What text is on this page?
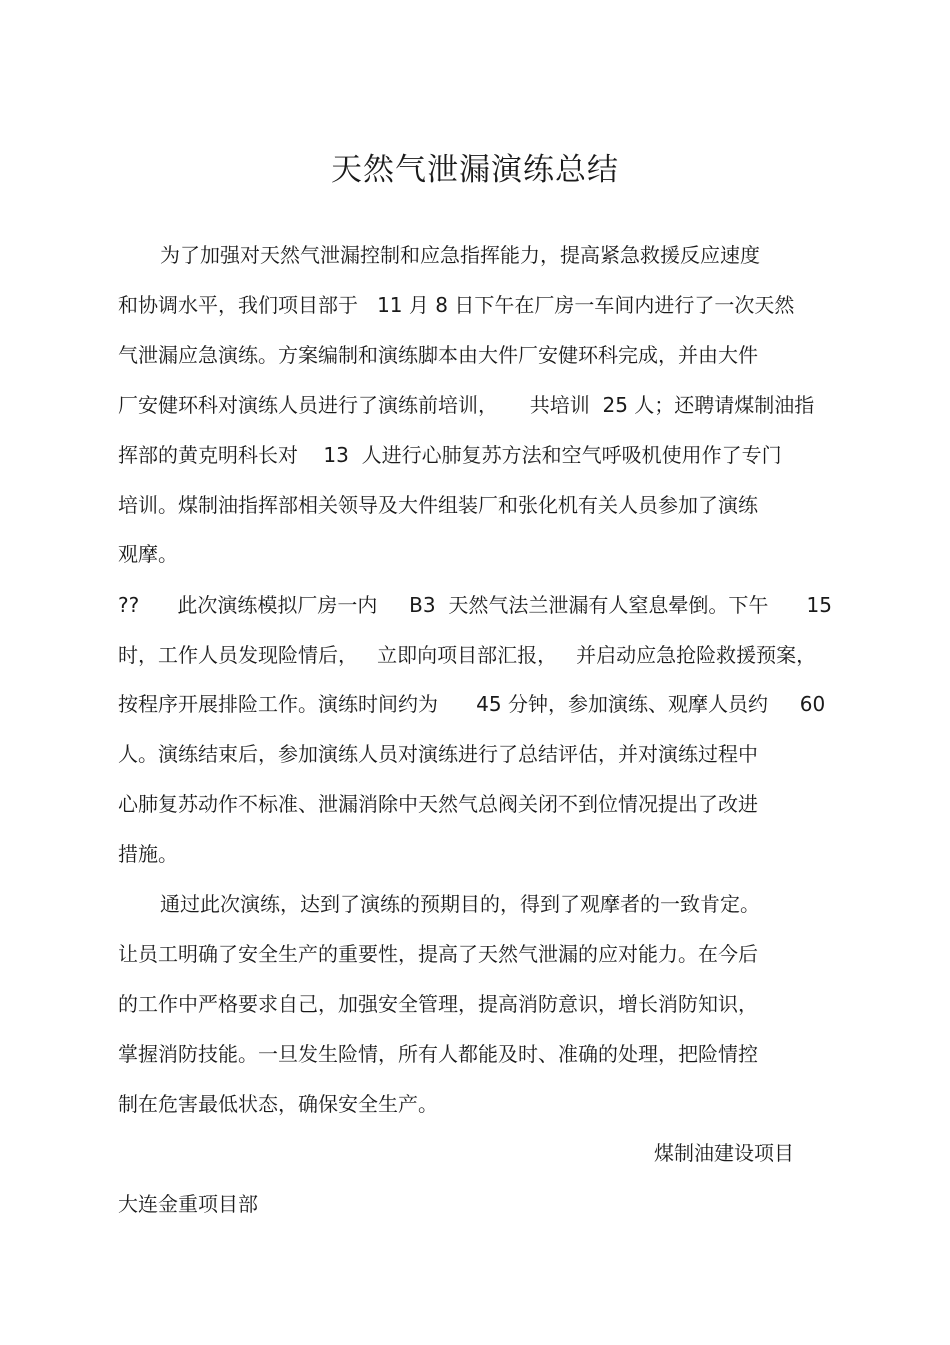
天然气泄漏演练总结
为了加强对天然气泄漏控制和应急指挥能力，提高紧急救援反应速度
和协调水平，我们项目部于   11 月 8 日下午在厂房一车间内进行了一次天然
气泄漏应急演练。方案编制和演练脚本由大件厂安健环科完成，并由大件
厂安健环科对演练人员进行了演练前培训，     共培训  25 人；还聘请煤制油指
挥部的黄克明科长对    13  人进行心肺复苏方法和空气呼吸机使用作了专门
培训。煤制油指挥部相关领导及大件组装厂和张化机有关人员参加了演练
观摩。
??      此次演练模拟厂房一内     B3  天然气法兰泄漏有人窒息晕倒。下午      15
时，工作人员发现险情后，   立即向项目部汇报，   并启动应急抢险救援预案，
按程序开展排险工作。演练时间约为      45 分钟，参加演练、观摩人员约     60
人。演练结束后，参加演练人员对演练进行了总结评估，并对演练过程中
心肺复苏动作不标准、泄漏消除中天然气总阀关闭不到位情况提出了改进
措施。
通过此次演练，达到了演练的预期目的，得到了观摩者的一致肯定。
让员工明确了安全生产的重要性，提高了天然气泄漏的应对能力。在今后
的工作中严格要求自己，加强安全管理，提高消防意识，增长消防知识，
掌握消防技能。一旦发生险情，所有人都能及时、准确的处理，把险情控
制在危害最低状态，确保安全生产。
煤制油建设项目
大连金重项目部
